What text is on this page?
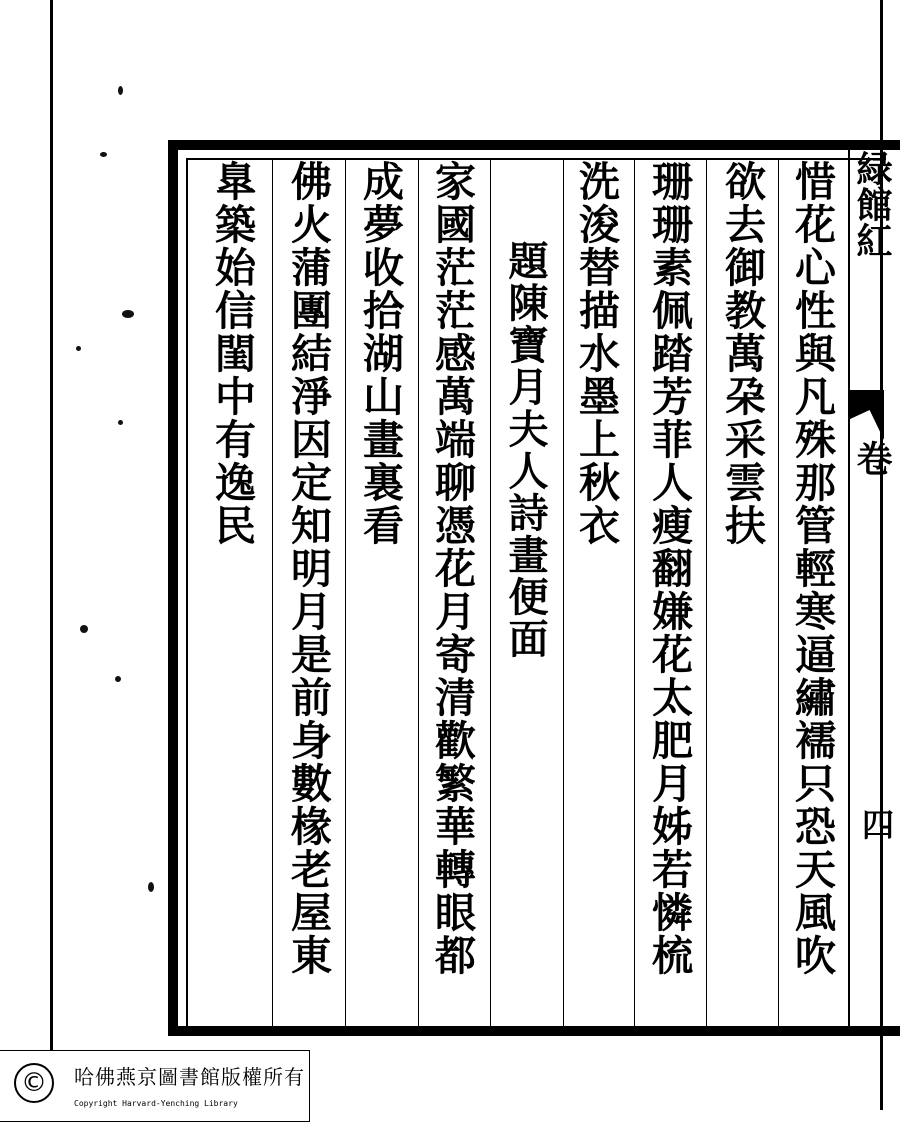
惜花心性與凡殊那管輕寒逼繡襦只恐天風吹
欲去御教萬朶采雲扶
珊珊素佩踏芳菲人瘦翻嫌花太肥月姊若憐梳
洗浚替描水墨上秋衣
題陳寶月夫人詩畫便面
家國茫茫感萬端聊憑花月寄清歡繁華轉眼都
成夢收拾湖山畫裏看
佛火蒲團結淨因定知明月是前身數椽老屋東
臯築始信閨中有逸民	緑館紅
卷
四
©	哈佛燕京圖書館版權所有
Copyright Harvard-Yenching Library
